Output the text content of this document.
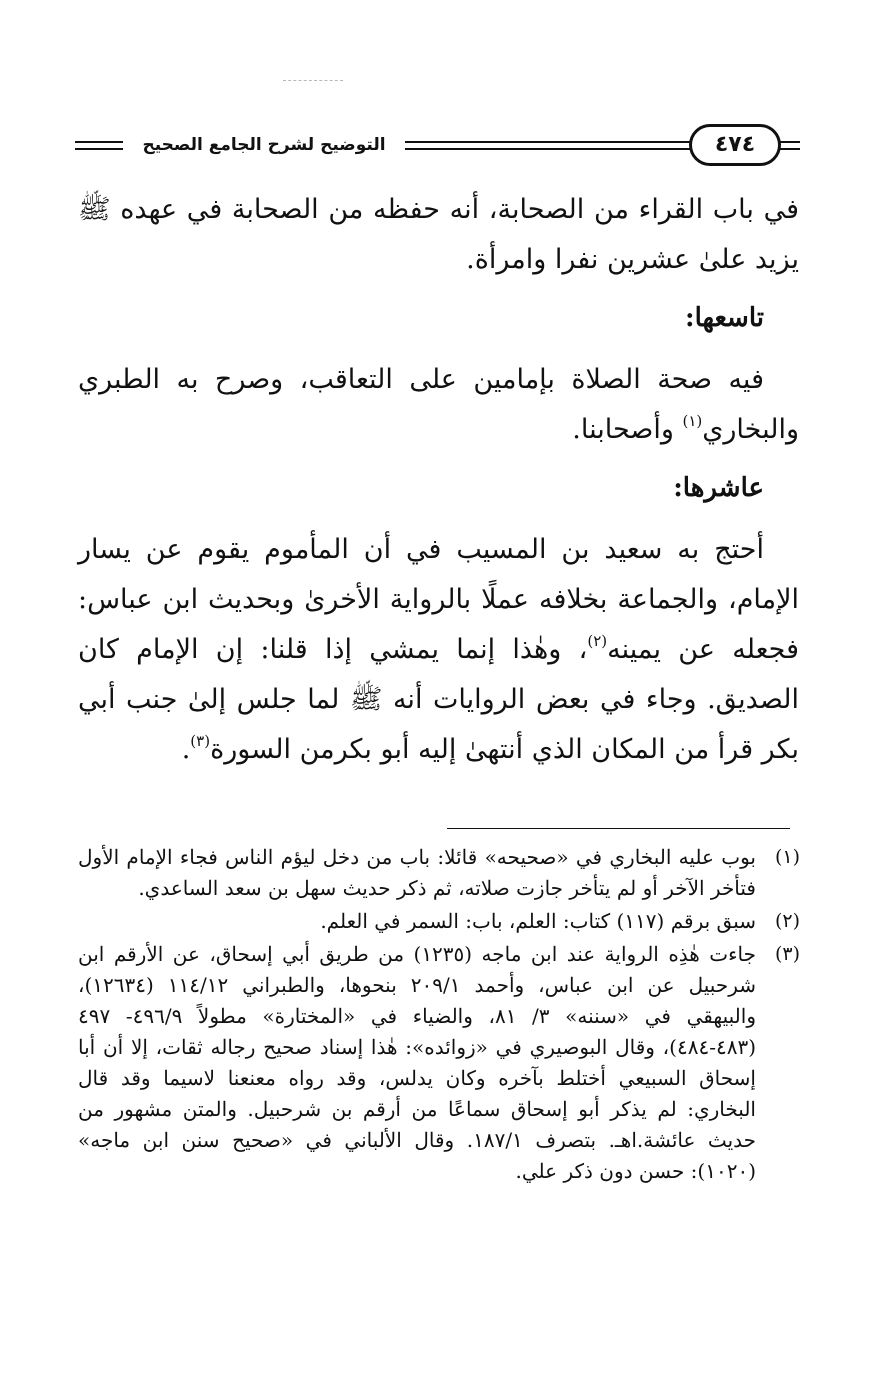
التوضيح لشرح الجامع الصحيح	٤٧٤

في باب القراء من الصحابة، أنه حفظه من الصحابة في عهده ﷺ يزيد علىٰ عشرين نفرا وامرأة.

تاسعها:

فيه صحة الصلاة بإمامين على التعاقب، وصرح به الطبري والبخاري$^{(١)}$ وأصحابنا.

عاشرها:

أحتج به سعيد بن المسيب في أن المأموم يقوم عن يسار الإمام، والجماعة بخلافه عملًا بالرواية الأخرىٰ وبحديث ابن عباس: فجعله عن يمينه$^{(٢)}$، وهٰذا إنما يمشي إذا قلنا: إن الإمام كان الصديق. وجاء في بعض الروايات أنه ﷺ لما جلس إلىٰ جنب أبي بكر قرأ من المكان الذي أنتهىٰ إليه أبو بكرمن السورة$^{(٣)}$.

(١)
بوب عليه البخاري في «صحيحه» قائلا: باب من دخل ليؤم الناس فجاء الإمام الأول فتأخر الآخر أو لم يتأخر جازت صلاته، ثم ذكر حديث سهل بن سعد الساعدي.

(٢)
سبق برقم (١١٧) كتاب: العلم، باب: السمر في العلم.

(٣)
جاءت هٰذِه الرواية عند ابن ماجه (١٢٣٥) من طريق أبي إسحاق، عن الأرقم ابن شرحبيل عن ابن عباس، وأحمد ٢٠٩/١ بنحوها، والطبراني ١١٤/١٢ (١٢٦٣٤)، والبيهقي في «سننه» ٣/ ٨١، والضياء في «المختارة» مطولاً ٤٩٦/٩- ٤٩٧ (٤٨٣-٤٨٤)، وقال البوصيري في «زوائده»: هٰذا إسناد صحيح رجاله ثقات، إلا أن أبا إسحاق السبيعي أختلط بآخره وكان يدلس، وقد رواه معنعنا لاسيما وقد قال البخاري: لم يذكر أبو إسحاق سماعًا من أرقم بن شرحبيل. والمتن مشهور من حديث عائشة.اهـ. بتصرف ١٨٧/١. وقال الألباني في «صحيح سنن ابن ماجه» (١٠٢٠): حسن دون ذكر علي.
